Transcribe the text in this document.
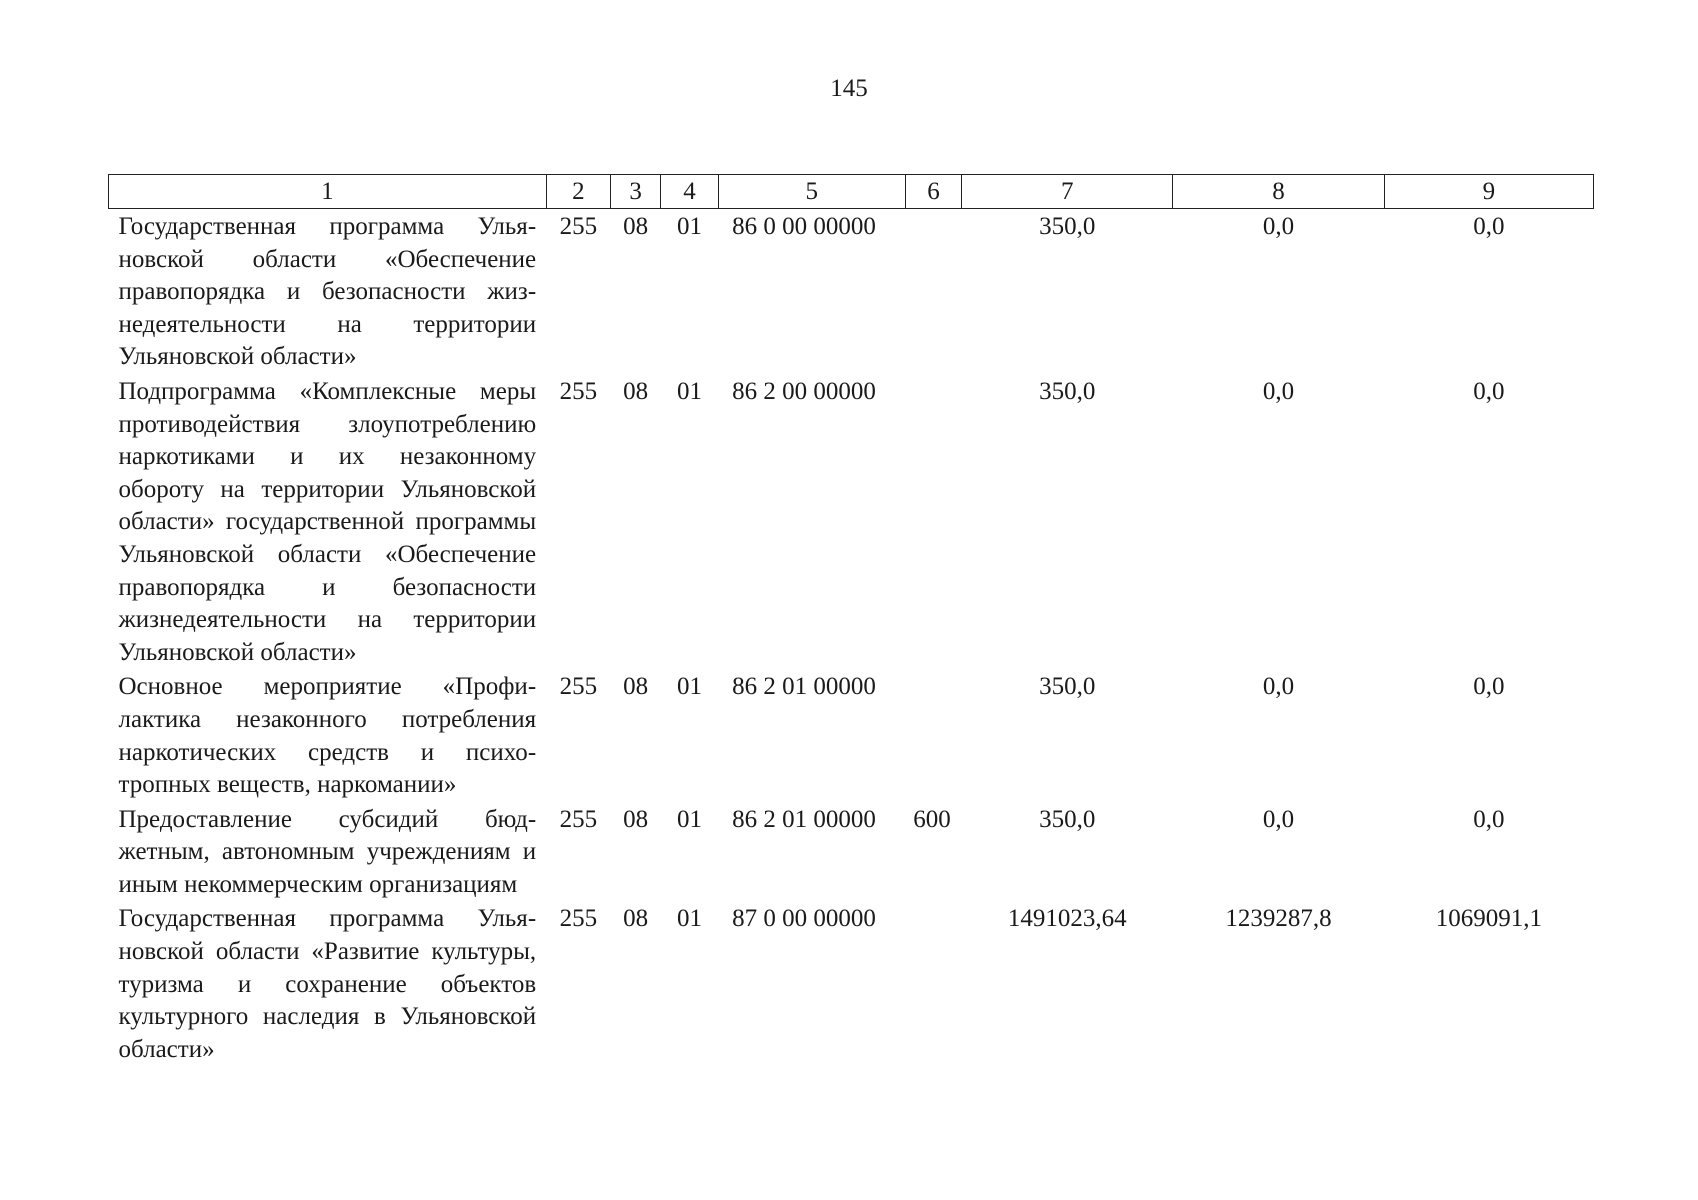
145
1	2	3	4	5	6	7	8	9
Государственная программа Ульяновской области «Обеспечение правопорядка и безопасности жизнедеятельности на территории Ульяновской области»	255	08	01	86 0 00 00000		350,0	0,0	0,0
Подпрограмма «Комплексные меры противодействия злоупотреблению наркотиками и их незаконному обороту на территории Ульяновской области» государственной программы Ульяновской области «Обеспечение правопорядка и безопасности жизнедеятельности на территории Ульяновской области»	255	08	01	86 2 00 00000		350,0	0,0	0,0
Основное мероприятие «Профилактика незаконного потребления наркотических средств и психотропных веществ, наркомании»	255	08	01	86 2 01 00000		350,0	0,0	0,0
Предоставление субсидий бюджетным, автономным учреждениям и иным некоммерческим организациям	255	08	01	86 2 01 00000	600	350,0	0,0	0,0
Государственная программа Ульяновской области «Развитие культуры, туризма и сохранение объектов культурного наследия в Ульяновской области»	255	08	01	87 0 00 00000		1491023,64	1239287,8	1069091,1
